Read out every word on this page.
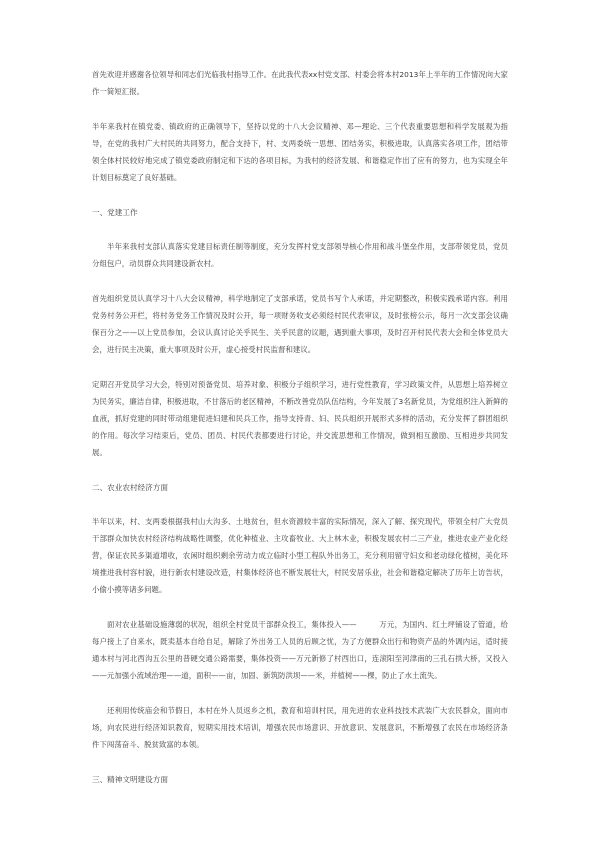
首先欢迎并感谢各位领导和同志们光临我村指导工作。在此我代表xx村党支部、村委会将本村2013年上半年的工作情况向大家作一简短汇报。

半年来我村在镇党委、镇政府的正确领导下，坚持以党的十八大会议精神、邓—理论、三个代表重要思想和科学发展观为指导，在党的我村广大村民的共同努力，配合支持下，村、支两委统一思想、团结务实，积极进取，认真落实各项工作，团结带领全体村民较好地完成了镇党委政府制定和下达的各项目标，为我村的经济发展、和谐稳定作出了应有的努力，也为实现全年计划目标奠定了良好基础。

一、党建工作

半年来我村支部认真落实党建目标责任制等制度，充分发挥村党支部领导核心作用和战斗堡垒作用，支部带领党员，党员分组包户，动员群众共同建设新农村。

首先组织党员认真学习十八大会议精神，科学地制定了支部承诺，党员书写个人承诺，并定期整改，积极实践承诺内容。利用党务村务公开栏，将村务党务工作情况及时公开，每一项财务收支必须经村民代表审议，及时张榜公示，每月一次支部会议确保百分之——以上党员参加，会议认真讨论关乎民生、关乎民意的议题，遇到重大事项，及时召开村民代表大会和全体党员大会，进行民主决策，重大事项及时公开，虚心接受村民监督和建议。

定期召开党员学习大会，特别对预备党员、培养对象、积极分子组织学习，进行党性教育，学习政策文件，从思想上培养树立为民务实，廉洁自律，积极进取，不甘落后的老区精神，不断改善党员队伍结构，今年发展了3名新党员，为党组织注入新鲜的血液，抓好党建的同时带动组建促进妇建和民兵工作，指导支持青、妇、民兵组织开展形式多样的活动，充分发挥了群团组织的作用。每次学习结束后，党员、团员、村民代表都要进行讨论，并交流思想和工作情况，做到相互激励、互相进步共同发展。

二、农业农村经济方面

半年以来，村、支两委根据我村山大沟多、土地贫台，但水资源较丰富的实际情况，深入了解、探究现代，带领全村广大党员干部群众加快农村经济结构战略性调整，优化种植业、主攻畜牧业、大上林木业，积极发展农村二三产业，推进农业产业化经营，保证农民多渠道增收，农闲时组织剩余劳动力成立临时小型工程队外出务工，充分利用留守妇女和老动绿化植树，美化环境推进我村容村貌，进行新农村建设改造，村集体经济也不断发展壮大，村民安居乐业，社会和谐稳定解决了历年上访告状，小偷小摸等诸多问题。

面对农业基础设施薄弱的状况，组织全村党员干部群众投工，集体投入——　　　万元，为国内、红土坪铺设了管道，给每户接上了自来水，既卖基本自给自足，解除了外出务工人员的后顾之忧，为了方便群众出行和物资产品的外调内运，适时接通本村与河北西沟五公里的普硬交通公路需要，集体投资——万元新修了村西出口，连滚阳至河津南的三孔石拱大桥，又投入——元加强小流域治理——道，面积——亩，加固、新筑防洪坝——米，并植树——棵，防止了水土流失。

还利用传统庙会和节假日，本村在外人员返乡之机，教育和培训村民，用先进的农业科技技术武装广大农民群众，面向市场，向农民进行经济知识教育，短期实用技术培训，增强农民市场意识、开放意识、发展意识，不断增强了农民在市场经济条件下闯荡奋斗、脱贫致富的本领。

三、精神文明建设方面
